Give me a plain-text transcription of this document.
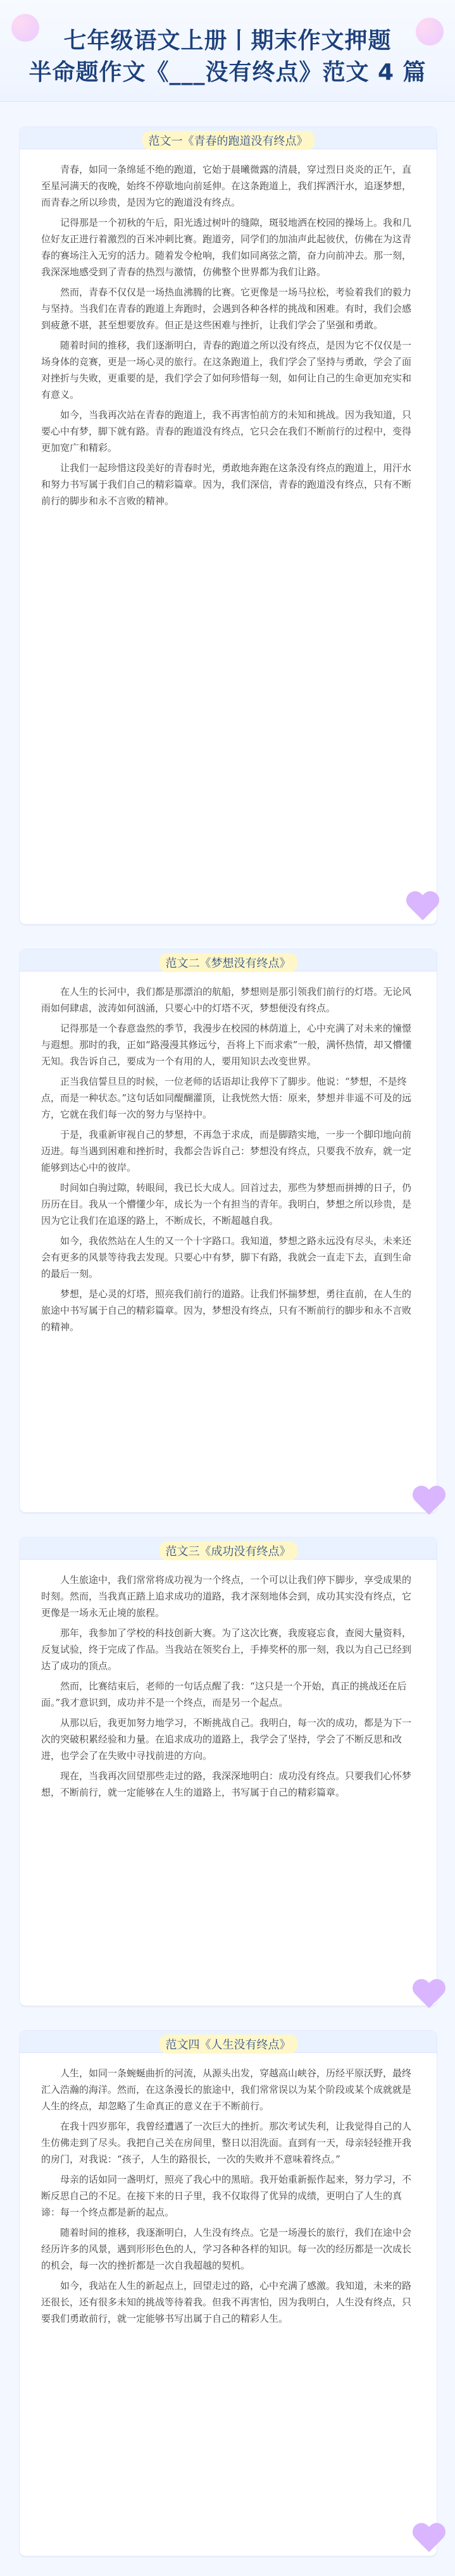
七年级语文上册丨期末作文押题
半命题作文《___没有终点》范文 4 篇
范文一《青春的跑道没有终点》

青春，如同一条绵延不绝的跑道，它始于晨曦微露的清晨，穿过烈日炎炎的正午，直至星河满天的夜晚，始终不停歇地向前延伸。在这条跑道上，我们挥洒汗水，追逐梦想，而青春之所以珍贵，是因为它的跑道没有终点。

记得那是一个初秋的午后，阳光透过树叶的缝隙，斑驳地洒在校园的操场上。我和几位好友正进行着激烈的百米冲刺比赛。跑道旁，同学们的加油声此起彼伏，仿佛在为这青春的赛场注入无穷的活力。随着发令枪响，我们如同离弦之箭，奋力向前冲去。那一刻，我深深地感受到了青春的热烈与激情，仿佛整个世界都为我们让路。

然而，青春不仅仅是一场热血沸腾的比赛。它更像是一场马拉松，考验着我们的毅力与坚持。当我们在青春的跑道上奔跑时，会遇到各种各样的挑战和困难。有时，我们会感到疲惫不堪，甚至想要放弃。但正是这些困难与挫折，让我们学会了坚强和勇敢。

随着时间的推移，我们逐渐明白，青春的跑道之所以没有终点，是因为它不仅仅是一场身体的竞赛，更是一场心灵的旅行。在这条跑道上，我们学会了坚持与勇敢，学会了面对挫折与失败，更重要的是，我们学会了如何珍惜每一刻，如何让自己的生命更加充实和有意义。

如今，当我再次站在青春的跑道上，我不再害怕前方的未知和挑战。因为我知道，只要心中有梦，脚下就有路。青春的跑道没有终点，它只会在我们不断前行的过程中，变得更加宽广和精彩。

让我们一起珍惜这段美好的青春时光，勇敢地奔跑在这条没有终点的跑道上，用汗水和努力书写属于我们自己的精彩篇章。因为，我们深信，青春的跑道没有终点，只有不断前行的脚步和永不言败的精神。

范文二《梦想没有终点》

在人生的长河中，我们都是那漂泊的航船，梦想则是那引领我们前行的灯塔。无论风雨如何肆虐，波涛如何汹涌，只要心中的灯塔不灭，梦想便没有终点。

记得那是一个春意盎然的季节，我漫步在校园的林荫道上，心中充满了对未来的憧憬与遐想。那时的我，正如“路漫漫其修远兮，吾将上下而求索”一般，满怀热情，却又懵懂无知。我告诉自己，要成为一个有用的人，要用知识去改变世界。

正当我信誓旦旦的时候，一位老师的话语却让我停下了脚步。他说：“梦想，不是终点，而是一种状态。”这句话如同醍醐灌顶，让我恍然大悟：原来，梦想并非遥不可及的远方，它就在我们每一次的努力与坚持中。

于是，我重新审视自己的梦想，不再急于求成，而是脚踏实地，一步一个脚印地向前迈进。每当遇到困难和挫折时，我都会告诉自己：梦想没有终点，只要我不放弃，就一定能够到达心中的彼岸。

时间如白驹过隙，转眼间，我已长大成人。回首过去，那些为梦想而拼搏的日子，仍历历在目。我从一个懵懂少年，成长为一个有担当的青年。我明白，梦想之所以珍贵，是因为它让我们在追逐的路上，不断成长，不断超越自我。

如今，我依然站在人生的又一个十字路口。我知道，梦想之路永远没有尽头，未来还会有更多的风景等待我去发现。只要心中有梦，脚下有路，我就会一直走下去，直到生命的最后一刻。

梦想，是心灵的灯塔，照亮我们前行的道路。让我们怀揣梦想，勇往直前，在人生的旅途中书写属于自己的精彩篇章。因为，梦想没有终点，只有不断前行的脚步和永不言败的精神。

范文三《成功没有终点》

人生旅途中，我们常常将成功视为一个终点，一个可以让我们停下脚步，享受成果的时刻。然而，当我真正踏上追求成功的道路，我才深刻地体会到，成功其实没有终点，它更像是一场永无止境的旅程。

那年，我参加了学校的科技创新大赛。为了这次比赛，我废寝忘食，查阅大量资料，反复试验，终于完成了作品。当我站在领奖台上，手捧奖杯的那一刻，我以为自己已经到达了成功的顶点。

然而，比赛结束后，老师的一句话点醒了我：“这只是一个开始，真正的挑战还在后面。”我才意识到，成功并不是一个终点，而是另一个起点。

从那以后，我更加努力地学习，不断挑战自己。我明白，每一次的成功，都是为下一次的突破积累经验和力量。在追求成功的道路上，我学会了坚持，学会了不断反思和改进，也学会了在失败中寻找前进的方向。

现在，当我再次回望那些走过的路，我深深地明白：成功没有终点。只要我们心怀梦想，不断前行，就一定能够在人生的道路上，书写属于自己的精彩篇章。

范文四《人生没有终点》

人生，如同一条蜿蜒曲折的河流，从源头出发，穿越高山峡谷，历经平原沃野，最终汇入浩瀚的海洋。然而，在这条漫长的旅途中，我们常常误以为某个阶段或某个成就就是人生的终点，却忽略了生命真正的意义在于不断前行。

在我十四岁那年，我曾经遭遇了一次巨大的挫折。那次考试失利，让我觉得自己的人生仿佛走到了尽头。我把自己关在房间里，整日以泪洗面。直到有一天，母亲轻轻推开我的房门，对我说：“孩子，人生的路很长，一次的失败并不意味着终点。”

母亲的话如同一盏明灯，照亮了我心中的黑暗。我开始重新振作起来，努力学习，不断反思自己的不足。在接下来的日子里，我不仅取得了优异的成绩，更明白了人生的真谛：每一个终点都是新的起点。

随着时间的推移，我逐渐明白，人生没有终点。它是一场漫长的旅行，我们在途中会经历许多的风景，遇到形形色色的人，学习各种各样的知识。每一次的经历都是一次成长的机会，每一次的挫折都是一次自我超越的契机。

如今，我站在人生的新起点上，回望走过的路，心中充满了感激。我知道，未来的路还很长，还有很多未知的挑战等待着我。但我不再害怕，因为我明白，人生没有终点，只要我们勇敢前行，就一定能够书写出属于自己的精彩人生。
